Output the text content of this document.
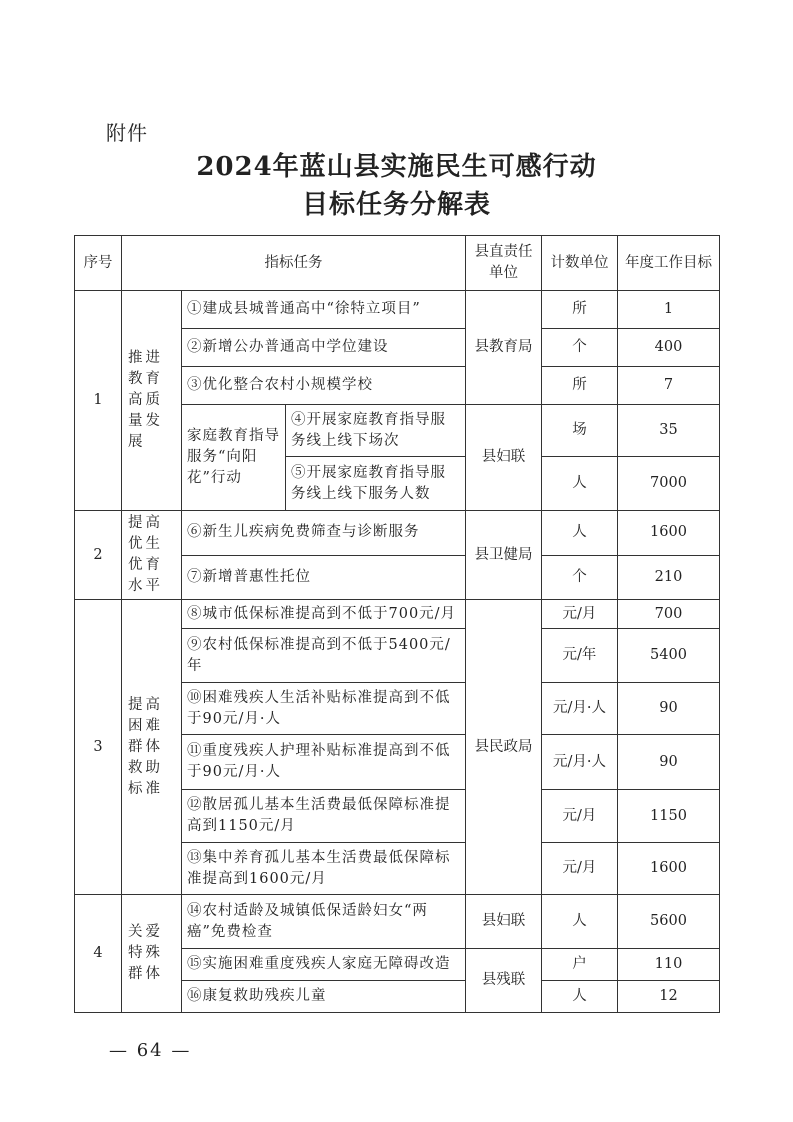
附件
2024年蓝山县实施民生可感行动
目标任务分解表
序号	指标任务			县直责任单位	计数单位	年度工作目标
1	推进教育高质量发展	①建成县城普通高中“徐特立项目”		县教育局	所	1
		②新增公办普通高中学位建设			个	400
		③优化整合农村小规模学校			所	7
		家庭教育指导服务“向阳花”行动	④开展家庭教育指导服务线上线下场次	县妇联	场	35
			⑤开展家庭教育指导服务线上线下服务人数		人	7000
2	提高优生优育水平	⑥新生儿疾病免费筛查与诊断服务		县卫健局	人	1600
		⑦新增普惠性托位			个	210
3	提高困难群体救助标准	⑧城市低保标准提高到不低于700元/月		县民政局	元/月	700
		⑨农村低保标准提高到不低于5400元/年			元/年	5400
		⑩困难残疾人生活补贴标准提高到不低于90元/月·人			元/月·人	90
		⑪重度残疾人护理补贴标准提高到不低于90元/月·人			元/月·人	90
		⑫散居孤儿基本生活费最低保障标准提高到1150元/月			元/月	1150
		⑬集中养育孤儿基本生活费最低保障标准提高到1600元/月			元/月	1600
4	关爱特殊群体	⑭农村适龄及城镇低保适龄妇女“两癌”免费检查		县妇联	人	5600
		⑮实施困难重度残疾人家庭无障碍改造		县残联	户	110
		⑯康复救助残疾儿童			人	12
— 64 —
